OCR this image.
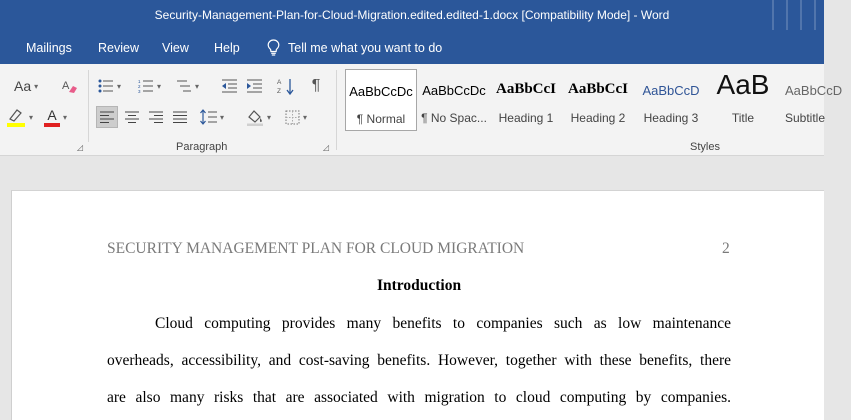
Security-Management-Plan-for-Cloud-Migration.edited.edited-1.docx [Compatibility Mode] - Word
Mailings Review View Help	Tell me what you want to do
Aa ▾ A
▾ A ▾
▾	1
2
3
▾	▾	A
Z	¶
▾	▾	▾
Paragraph
◿	◿
AaBbCcDc
¶ Normal
AaBbCcDc
¶ No Spac...
AaBbCcI
Heading 1
AaBbCcI
Heading 2
AaBbCcD
Heading 3
AaB
Title
AaBbCcD
Subtitle
Styles
SECURITY MANAGEMENT PLAN FOR CLOUD MIGRATION	2
Introduction
Cloud computing provides many benefits to companies such as low maintenance
overheads, accessibility, and cost-saving benefits. However, together with these benefits, there
are also many risks that are associated with migration to cloud computing by companies.
